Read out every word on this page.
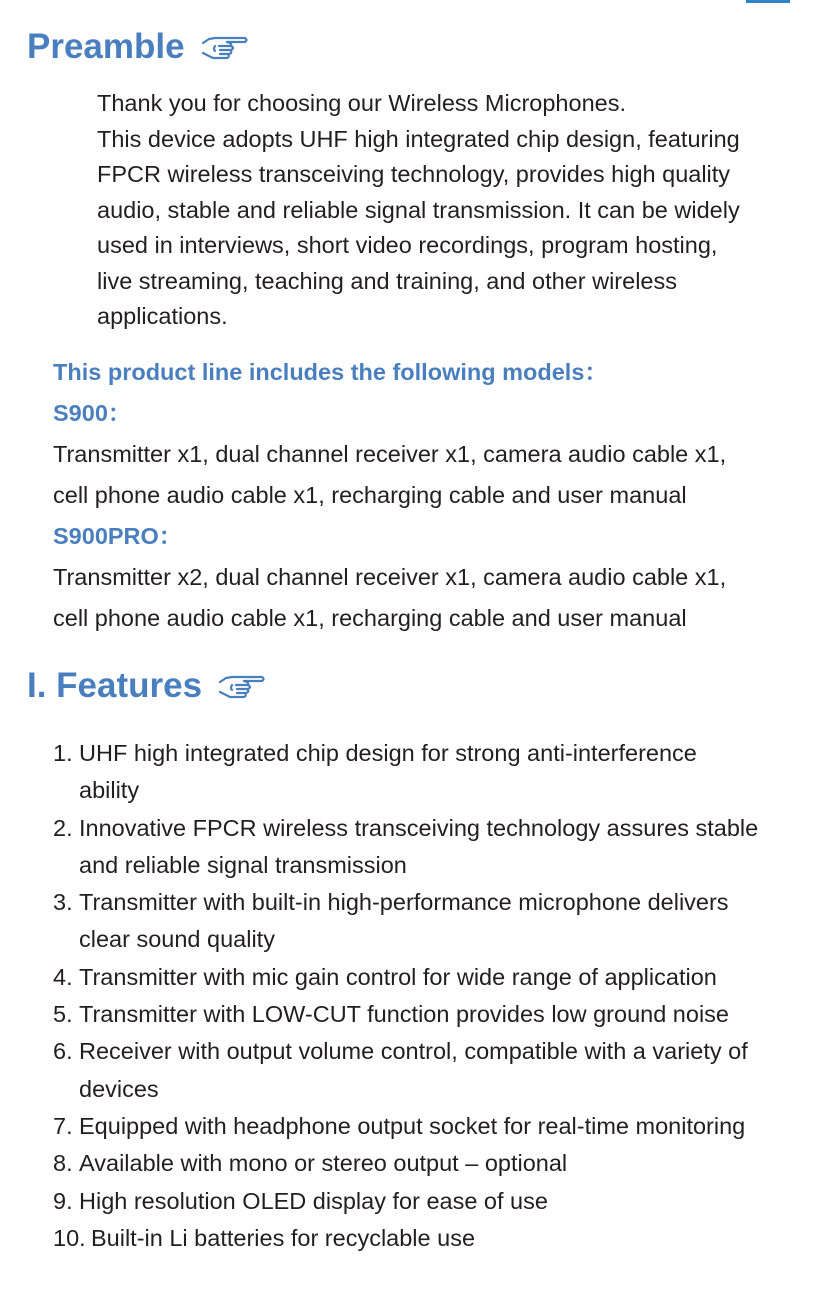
Preamble

Thank you for choosing our Wireless Microphones.

This device adopts UHF high integrated chip design, featuring

FPCR wireless transceiving technology, provides high quality

audio, stable and reliable signal transmission. It can be widely

used in interviews, short video recordings, program hosting,

live streaming, teaching and training, and other wireless

applications.

This product line includes the following models：
S900：
Transmitter x1, dual channel receiver x1, camera audio cable x1,
cell phone audio cable x1, recharging cable and user manual
S900PRO：
Transmitter x2, dual channel receiver x1, camera audio cable x1,
cell phone audio cable x1, recharging cable and user manual
I. Features
1. UHF high integrated chip design for strong anti-interference
ability
2. Innovative FPCR wireless transceiving technology assures stable
and reliable signal transmission
3. Transmitter with built-in high-performance microphone delivers
clear sound quality
4. Transmitter with mic gain control for wide range of application
5. Transmitter with LOW-CUT function provides low ground noise
6. Receiver with output volume control, compatible with a variety of
devices
7. Equipped with headphone output socket for real-time monitoring
8. Available with mono or stereo output – optional
9. High resolution OLED display for ease of use
10. Built-in Li batteries for recyclable use
